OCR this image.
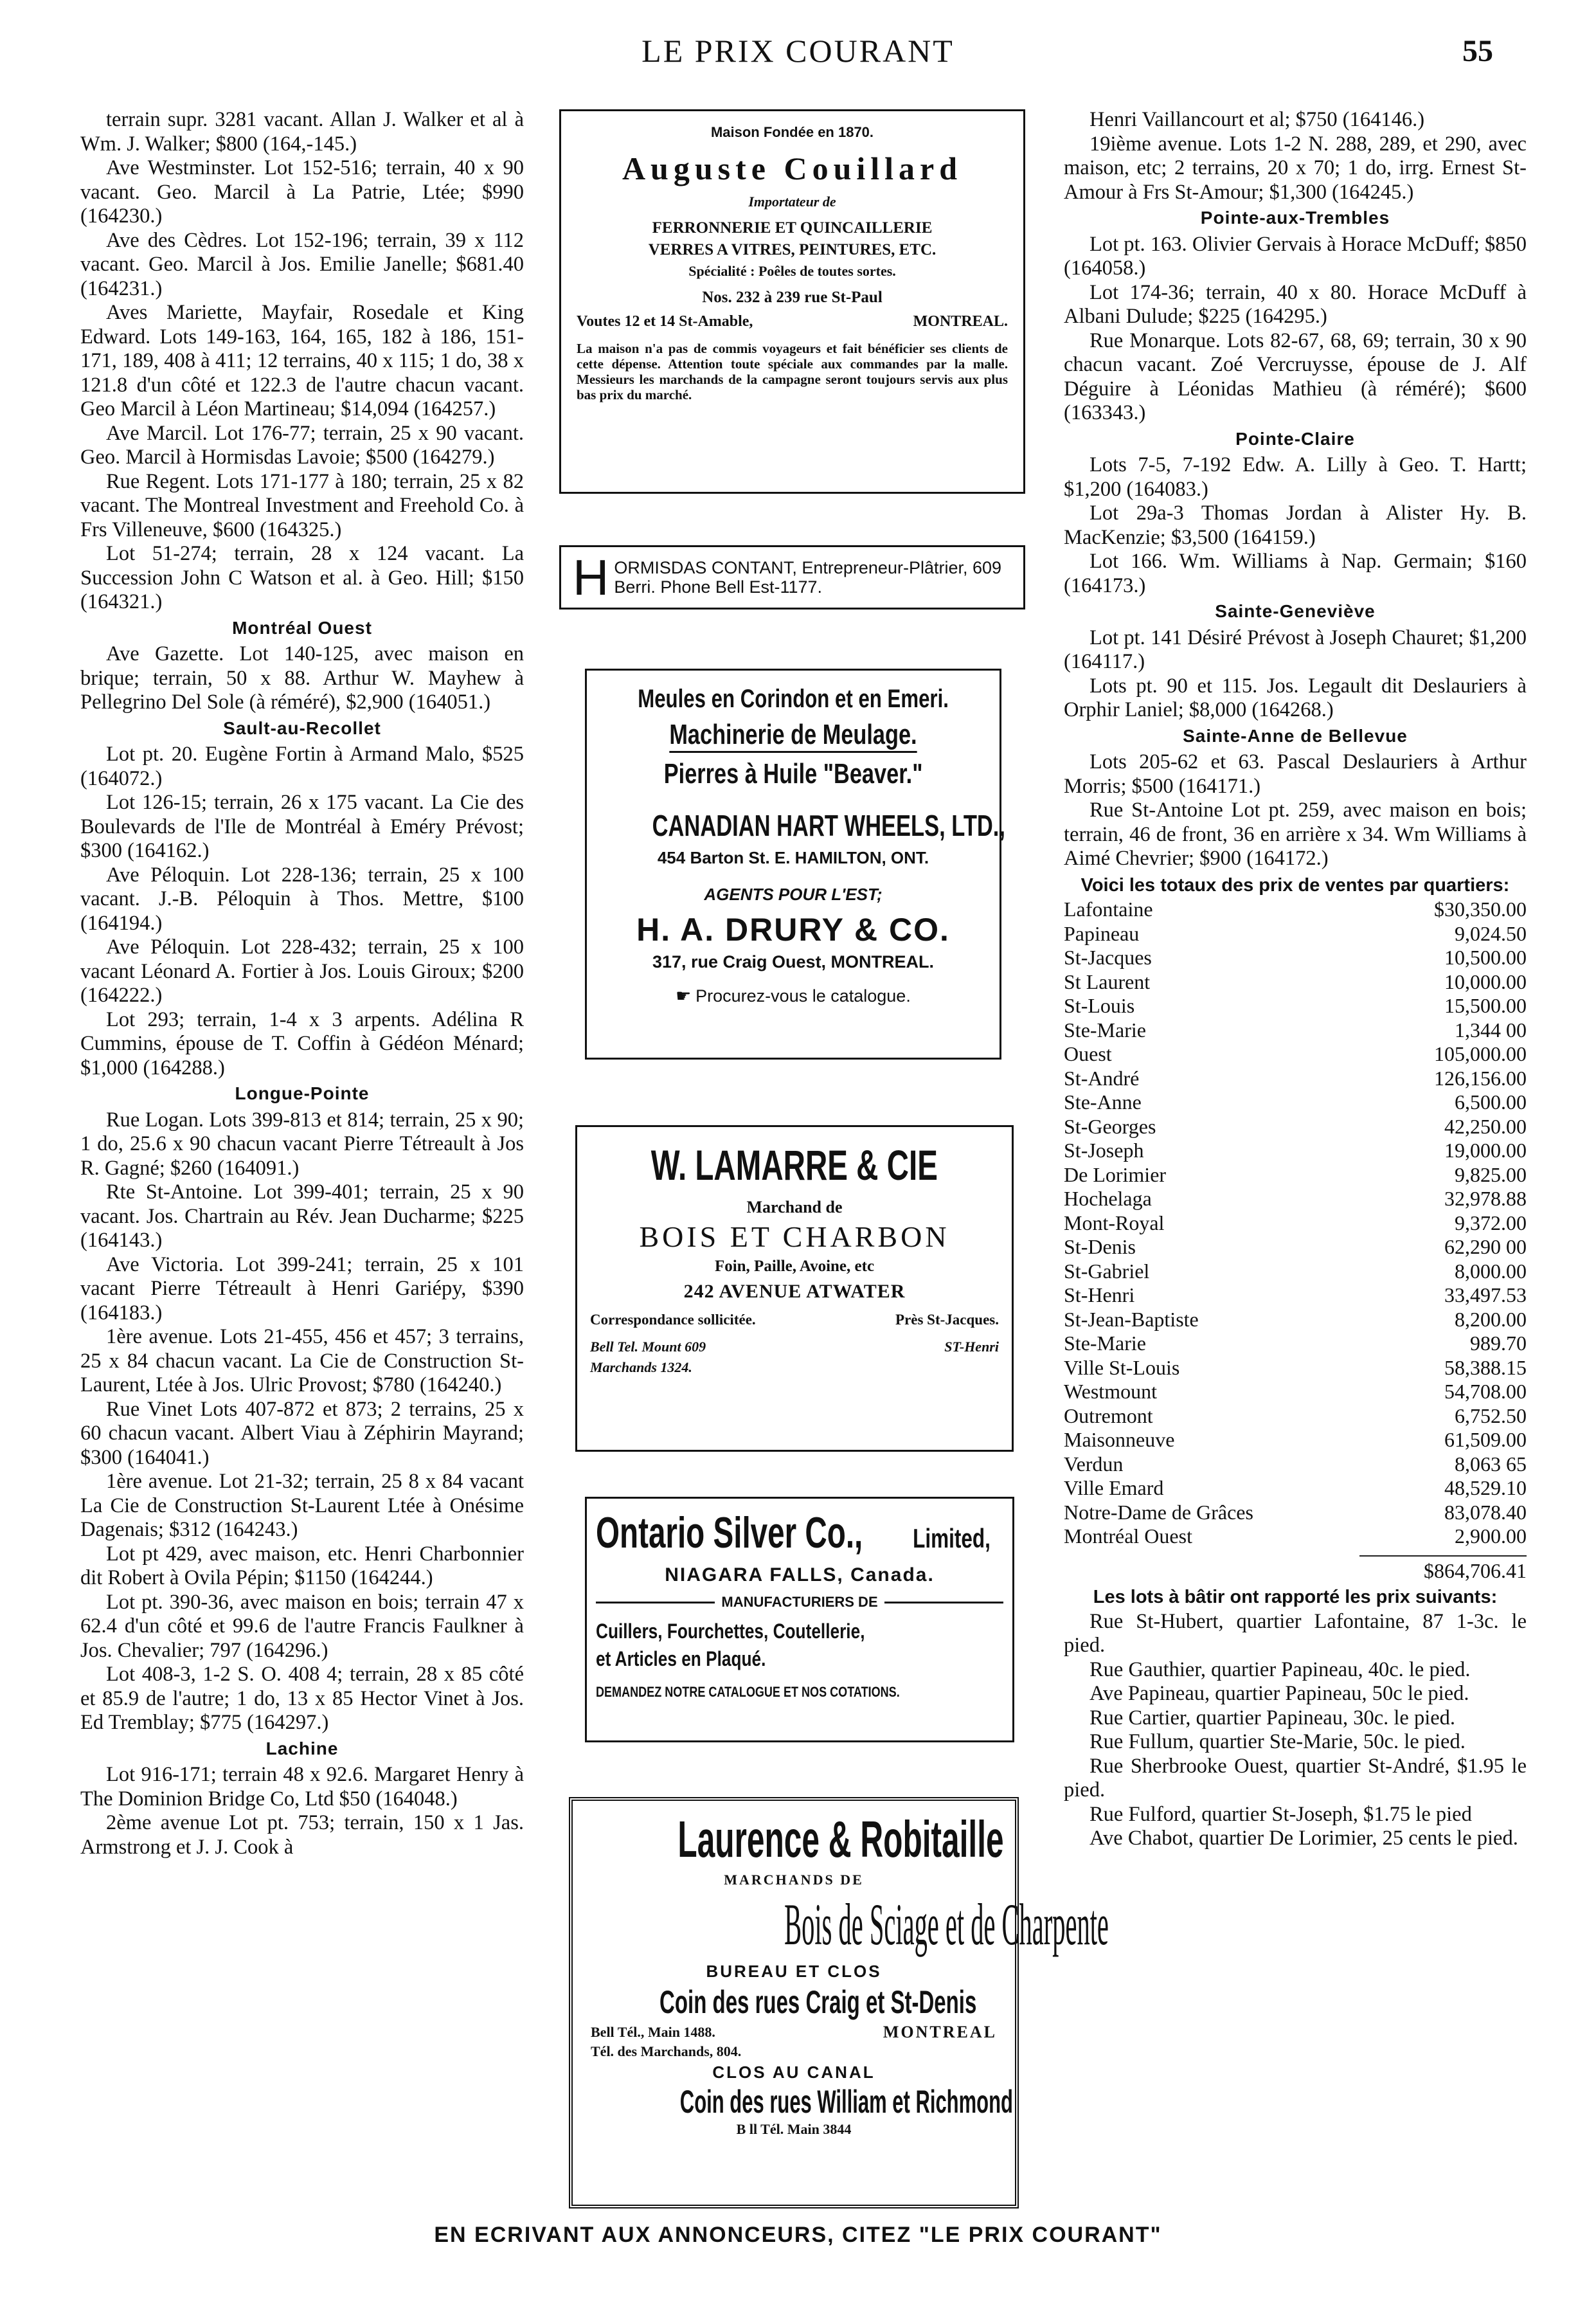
LE PRIX COURANT	55

terrain supr. 3281 vacant. Allan J. Walker et al à Wm. J. Walker; $800 (164,-145.)

Ave Westminster. Lot 152-516; terrain, 40 x 90 vacant. Geo. Marcil à La Patrie, Ltée; $990 (164230.)

Ave des Cèdres. Lot 152-196; terrain, 39 x 112 vacant. Geo. Marcil à Jos. Emilie Janelle; $681.40 (164231.)

Aves Mariette, Mayfair, Rosedale et King Edward. Lots 149-163, 164, 165, 182 à 186, 151-171, 189, 408 à 411; 12 terrains, 40 x 115; 1 do, 38 x 121.8 d'un côté et 122.3 de l'autre chacun vacant. Geo Marcil à Léon Martineau; $14,094 (164257.)

Ave Marcil. Lot 176-77; terrain, 25 x 90 vacant. Geo. Marcil à Hormisdas Lavoie; $500 (164279.)

Rue Regent. Lots 171-177 à 180; terrain, 25 x 82 vacant. The Montreal Investment and Freehold Co. à Frs Villeneuve, $600 (164325.)

Lot 51-274; terrain, 28 x 124 vacant. La Succession John C Watson et al. à Geo. Hill; $150 (164321.)

Montréal Ouest

Ave Gazette. Lot 140-125, avec maison en brique; terrain, 50 x 88. Arthur W. Mayhew à Pellegrino Del Sole (à réméré), $2,900 (164051.)

Sault-au-Recollet

Lot pt. 20. Eugène Fortin à Armand Malo, $525 (164072.)

Lot 126-15; terrain, 26 x 175 vacant. La Cie des Boulevards de l'Ile de Montréal à Eméry Prévost; $300 (164162.)

Ave Péloquin. Lot 228-136; terrain, 25 x 100 vacant. J.-B. Péloquin à Thos. Mettre, $100 (164194.)

Ave Péloquin. Lot 228-432; terrain, 25 x 100 vacant Léonard A. Fortier à Jos. Louis Giroux; $200 (164222.)

Lot 293; terrain, 1-4 x 3 arpents. Adélina R Cummins, épouse de T. Coffin à Gédéon Ménard; $1,000 (164288.)

Longue-Pointe

Rue Logan. Lots 399-813 et 814; terrain, 25 x 90; 1 do, 25.6 x 90 chacun vacant Pierre Tétreault à Jos R. Gagné; $260 (164091.)

Rte St-Antoine. Lot 399-401; terrain, 25 x 90 vacant. Jos. Chartrain au Rév. Jean Ducharme; $225 (164143.)

Ave Victoria. Lot 399-241; terrain, 25 x 101 vacant Pierre Tétreault à Henri Gariépy, $390 (164183.)

1ère avenue. Lots 21-455, 456 et 457; 3 terrains, 25 x 84 chacun vacant. La Cie de Construction St-Laurent, Ltée à Jos. Ulric Provost; $780 (164240.)

Rue Vinet Lots 407-872 et 873; 2 terrains, 25 x 60 chacun vacant. Albert Viau à Zéphirin Mayrand; $300 (164041.)

1ère avenue. Lot 21-32; terrain, 25 8 x 84 vacant La Cie de Construction St-Laurent Ltée à Onésime Dagenais; $312 (164243.)

Lot pt 429, avec maison, etc. Henri Charbonnier dit Robert à Ovila Pépin; $1150 (164244.)

Lot pt. 390-36, avec maison en bois; terrain 47 x 62.4 d'un côté et 99.6 de l'autre Francis Faulkner à Jos. Chevalier; 797 (164296.)

Lot 408-3, 1-2 S. O. 408 4; terrain, 28 x 85 côté et 85.9 de l'autre; 1 do, 13 x 85 Hector Vinet à Jos. Ed Tremblay; $775 (164297.)

Lachine

Lot 916-171; terrain 48 x 92.6. Margaret Henry à The Dominion Bridge Co, Ltd $50 (164048.)

2ème avenue Lot pt. 753; terrain, 150 x 1 Jas. Armstrong et J. J. Cook à

Maison Fondée en 1870.
Auguste Couillard
Importateur de
FERRONNERIE ET QUINCAILLERIE
VERRES A VITRES, PEINTURES, ETC.
Spécialité : Poêles de toutes sortes.
Nos. 232 à 239 rue St-Paul
Voutes 12 et 14 St-Amable,	MONTREAL.
La maison n'a pas de commis voyageurs et fait bénéficier ses clients de cette dépense. Attention toute spéciale aux commandes par la malle. Messieurs les marchands de la campagne seront toujours servis aux plus bas prix du marché.
H ORMISDAS CONTANT, Entrepreneur-Plâtrier, 609 Berri. Phone Bell Est-1177.
Meules en Corindon et en Emeri.
Machinerie de Meulage.
Pierres à Huile "Beaver."
CANADIAN HART WHEELS, LTD.,
454 Barton St. E. HAMILTON, ONT.
AGENTS POUR L'EST;
H. A. DRURY & CO.
317, rue Craig Ouest, MONTREAL.
☛ Procurez-vous le catalogue.
W. LAMARRE & CIE
Marchand de
BOIS ET CHARBON
Foin, Paille, Avoine, etc
242 AVENUE ATWATER
Correspondance sollicitée.	Près St-Jacques.
Bell Tel. Mount 609	ST-Henri
Marchands 1324.
Ontario Silver Co., Limited,
NIAGARA FALLS, Canada.
MANUFACTURIERS DE
Cuillers, Fourchettes, Coutellerie,
et Articles en Plaqué.
DEMANDEZ NOTRE CATALOGUE ET NOS COTATIONS.
Laurence & Robitaille
MARCHANDS DE
Bois de Sciage et de Charpente
BUREAU ET CLOS
Coin des rues Craig et St-Denis
Bell Tél., Main 1488.	MONTREAL
Tél. des Marchands, 804.
CLOS AU CANAL
Coin des rues William et Richmond
B ll Tél. Main 3844

Henri Vaillancourt et al; $750 (164146.)

19ième avenue. Lots 1-2 N. 288, 289, et 290, avec maison, etc; 2 terrains, 20 x 70; 1 do, irrg. Ernest St-Amour à Frs St-Amour; $1,300 (164245.)

Pointe-aux-Trembles

Lot pt. 163. Olivier Gervais à Horace McDuff; $850 (164058.)

Lot 174-36; terrain, 40 x 80. Horace McDuff à Albani Dulude; $225 (164295.)

Rue Monarque. Lots 82-67, 68, 69; terrain, 30 x 90 chacun vacant. Zoé Vercruysse, épouse de J. Alf Déguire à Léonidas Mathieu (à réméré); $600 (163343.)

Pointe-Claire

Lots 7-5, 7-192 Edw. A. Lilly à Geo. T. Hartt; $1,200 (164083.)

Lot 29a-3 Thomas Jordan à Alister Hy. B. MacKenzie; $3,500 (164159.)

Lot 166. Wm. Williams à Nap. Germain; $160 (164173.)

Sainte-Geneviève

Lot pt. 141 Désiré Prévost à Joseph Chauret; $1,200 (164117.)

Lots pt. 90 et 115. Jos. Legault dit Deslauriers à Orphir Laniel; $8,000 (164268.)

Sainte-Anne de Bellevue

Lots 205-62 et 63. Pascal Deslauriers à Arthur Morris; $500 (164171.)

Rue St-Antoine Lot pt. 259, avec maison en bois; terrain, 46 de front, 36 en arrière x 34. Wm Williams à Aimé Chevrier; $900 (164172.)

Voici les totaux des prix de ventes par quartiers:

Lafontaine		$30,350.00
Papineau		9,024.50
St-Jacques		10,500.00
St Laurent		10,000.00
St-Louis		15,500.00
Ste-Marie		1,344 00
Ouest		105,000.00
St-André		126,156.00
Ste-Anne		6,500.00
St-Georges		42,250.00
St-Joseph		19,000.00
De Lorimier		9,825.00
Hochelaga		32,978.88
Mont-Royal		9,372.00
St-Denis		62,290 00
St-Gabriel		8,000.00
St-Henri		33,497.53
St-Jean-Baptiste		8,200.00
Ste-Marie		989.70
Ville St-Louis		58,388.15
Westmount		54,708.00
Outremont		6,752.50
Maisonneuve		61,509.00
Verdun		8,063 65
Ville Emard		48,529.10
Notre-Dame de Grâces		83,078.40
Montréal Ouest		2,900.00
$864,706.41

Les lots à bâtir ont rapporté les prix suivants:

Rue St-Hubert, quartier Lafontaine, 87 1-3c. le pied.

Rue Gauthier, quartier Papineau, 40c. le pied.

Ave Papineau, quartier Papineau, 50c le pied.

Rue Cartier, quartier Papineau, 30c. le pied.

Rue Fullum, quartier Ste-Marie, 50c. le pied.

Rue Sherbrooke Ouest, quartier St-André, $1.95 le pied.

Rue Fulford, quartier St-Joseph, $1.75 le pied

Ave Chabot, quartier De Lorimier, 25 cents le pied.

EN ECRIVANT AUX ANNONCEURS, CITEZ "LE PRIX COURANT"
